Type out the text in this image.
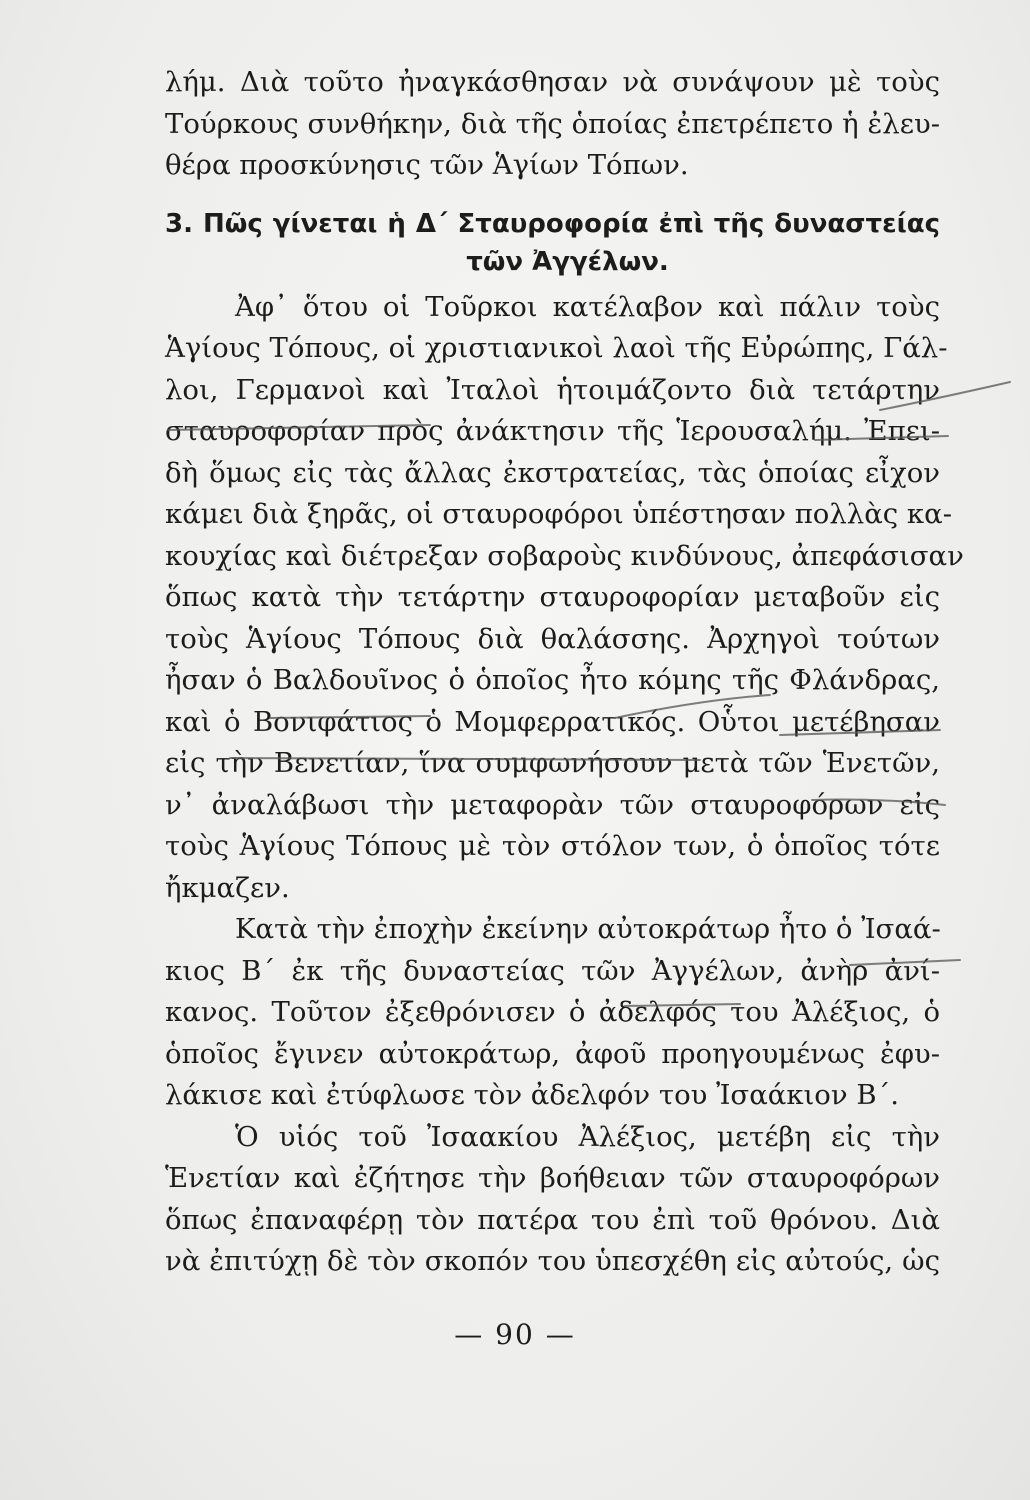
λήμ. Διὰ τοῦτο ἠναγκάσθησαν νὰ συνάψουν μὲ τοὺς
Τούρκους συνθήκην, διὰ τῆς ὁποίας ἐπετρέπετο ἡ ἐλευ-
θέρα προσκύνησις τῶν Ἁγίων Τόπων.
3. Πῶς γίνεται ἡ Δ΄ Σταυροφορία ἐπὶ τῆς δυναστείας
τῶν Ἀγγέλων.
Ἀφ᾽ ὅτου οἱ Τοῦρκοι κατέλαβον καὶ πάλιν τοὺς
Ἁγίους Τόπους, οἱ χριστιανικοὶ λαοὶ τῆς Εὐρώπης, Γάλ-
λοι, Γερμανοὶ καὶ Ἰταλοὶ ἡτοιμάζοντο διὰ τετάρτην
σταυροφορίαν πρὸς ἀνάκτησιν τῆς Ἱερουσαλήμ. Ἐπει-
δὴ ὅμως εἰς τὰς ἄλλας ἐκστρατείας, τὰς ὁποίας εἶχον
κάμει διὰ ξηρᾶς, οἱ σταυροφόροι ὑπέστησαν πολλὰς κα-
κουχίας καὶ διέτρεξαν σοβαροὺς κινδύνους, ἀπεφάσισαν
ὅπως κατὰ τὴν τετάρτην σταυροφορίαν μεταβοῦν εἰς
τοὺς Ἁγίους Τόπους διὰ θαλάσσης. Ἀρχηγοὶ τούτων
ἦσαν ὁ Βαλδουῖνος ὁ ὁποῖος ἦτο κόμης τῆς Φλάνδρας,
καὶ ὁ Βονιφάτιος ὁ Μομφερρατικός. Οὗτοι μετέβησαν
εἰς τὴν Βενετίαν, ἵνα συμφωνήσουν μετὰ τῶν Ἑνετῶν,
ν᾽ ἀναλάβωσι τὴν μεταφορὰν τῶν σταυροφόρων εἰς
τοὺς Ἁγίους Τόπους μὲ τὸν στόλον των, ὁ ὁποῖος τότε
ἤκμαζεν.
Κατὰ τὴν ἐποχὴν ἐκείνην αὐτοκράτωρ ἦτο ὁ Ἰσαά-
κιος Β΄ ἐκ τῆς δυναστείας τῶν Ἀγγέλων, ἀνὴρ ἀνί-
κανος. Τοῦτον ἐξεθρόνισεν ὁ ἀδελφός του Ἀλέξιος, ὁ
ὁποῖος ἔγινεν αὐτοκράτωρ, ἀφοῦ προηγουμένως ἐφυ-
λάκισε καὶ ἐτύφλωσε τὸν ἀδελφόν του Ἰσαάκιον Β΄.
Ὁ υἱός τοῦ Ἰσαακίου Ἀλέξιος, μετέβη εἰς τὴν
Ἑνετίαν καὶ ἐζήτησε τὴν βοήθειαν τῶν σταυροφόρων
ὅπως ἐπαναφέρῃ τὸν πατέρα του ἐπὶ τοῦ θρόνου. Διὰ
νὰ ἐπιτύχῃ δὲ τὸν σκοπόν του ὑπεσχέθη εἰς αὐτούς, ὡς
— 90 —
